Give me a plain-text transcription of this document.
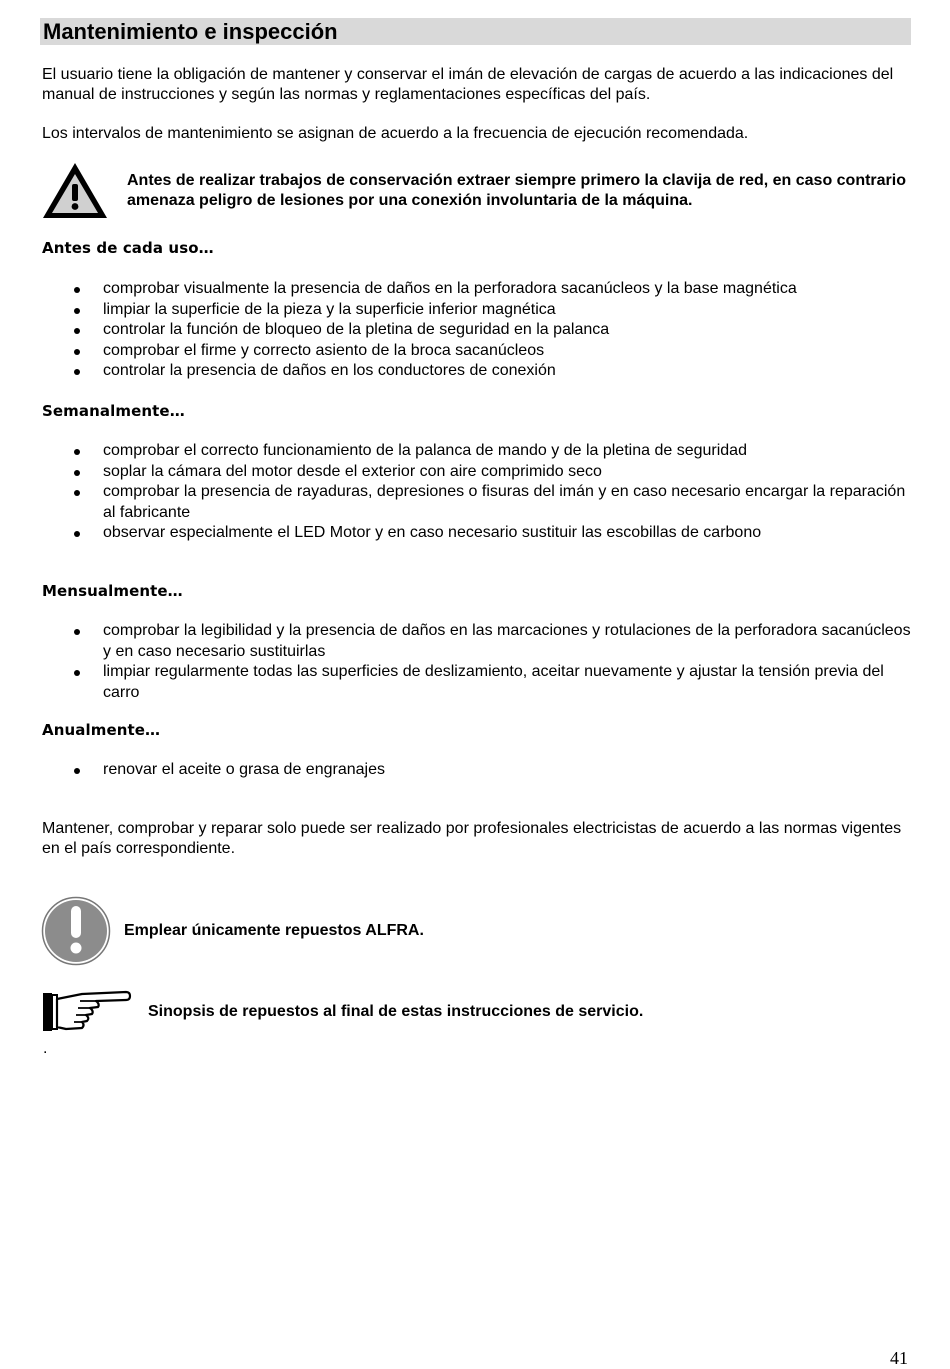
Mantenimiento e inspección

El usuario tiene la obligación de mantener y conservar el imán de elevación de cargas de acuerdo a las indicaciones del manual de instrucciones y según las normas y reglamentaciones específicas del país.

Los intervalos de mantenimiento se asignan de acuerdo a la frecuencia de ejecución recomendada.

Antes de realizar trabajos de conservación extraer siempre primero la clavija de red, en caso contrario amenaza peligro de lesiones por una conexión involuntaria de la máquina.
Antes de cada uso…
comprobar visualmente la presencia de daños en la perforadora sacanúcleos y la base magnética
limpiar la superficie de la pieza y la superficie inferior magnética
controlar la función de bloqueo de la pletina de seguridad en la palanca
comprobar el firme y correcto asiento de la broca sacanúcleos
controlar la presencia de daños en los conductores de conexión
Semanalmente…
comprobar el correcto funcionamiento de la palanca de mando y de la pletina de seguridad
soplar la cámara del motor desde el exterior con aire comprimido seco
comprobar la presencia de rayaduras, depresiones o fisuras del imán y en caso necesario encargar la reparación al fabricante
observar especialmente el LED Motor y en caso necesario sustituir las escobillas de carbono
Mensualmente…
comprobar la legibilidad y la presencia de daños en las marcaciones y rotulaciones de la perforadora sacanúcleos y en caso necesario sustituirlas
limpiar regularmente todas las superficies de deslizamiento, aceitar nuevamente y ajustar la tensión previa del carro
Anualmente…
renovar el aceite o grasa de engranajes

Mantener, comprobar y reparar solo puede ser realizado por profesionales electricistas de acuerdo a las normas vigentes en el país correspondiente.

Emplear únicamente repuestos ALFRA.
Sinopsis de repuestos al final de estas instrucciones de servicio.
.
41
